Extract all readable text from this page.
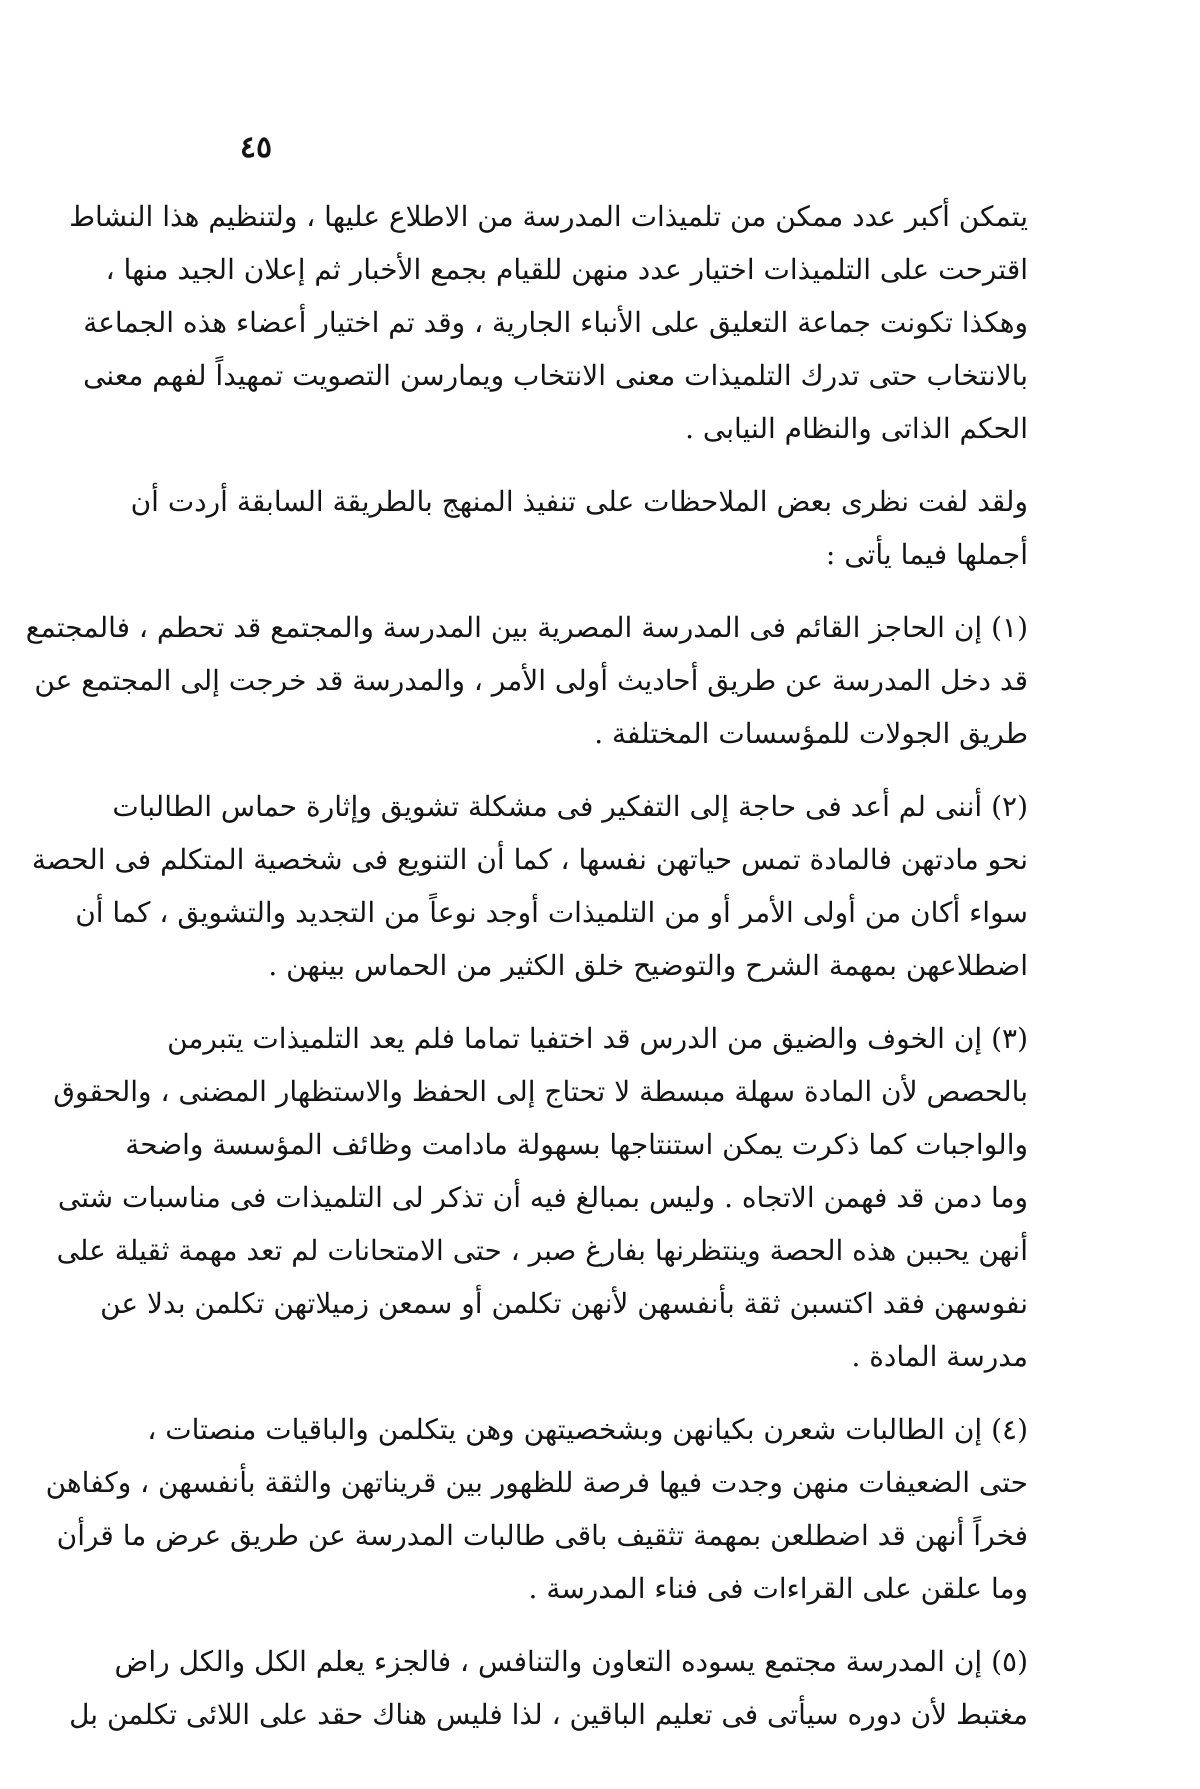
٤٥
يتمكن أكبر عدد ممكن من تلميذات المدرسة من الاطلاع عليها ، ولتنظيم هذا النشاط
اقترحت على التلميذات اختيار عدد منهن للقيام بجمع الأخبار ثم إعلان الجيد منها ،
وهكذا تكونت جماعة التعليق على الأنباء الجارية ، وقد تم اختيار أعضاء هذه الجماعة
بالانتخاب حتى تدرك التلميذات معنى الانتخاب ويمارسن التصويت تمهيداً لفهم معنى
الحكم الذاتى والنظام النيابى .
ولقد لفت نظرى بعض الملاحظات على تنفيذ المنهج بالطريقة السابقة أردت أن
أجملها فيما يأتى :
(١) إن الحاجز القائم فى المدرسة المصرية بين المدرسة والمجتمع قد تحطم ، فالمجتمع
قد دخل المدرسة عن طريق أحاديث أولى الأمر ، والمدرسة قد خرجت إلى المجتمع عن
طريق الجولات للمؤسسات المختلفة .
(٢) أننى لم أعد فى حاجة إلى التفكير فى مشكلة تشويق وإثارة حماس الطالبات
نحو مادتهن فالمادة تمس حياتهن نفسها ، كما أن التنويع فى شخصية المتكلم فى الحصة
سواء أكان من أولى الأمر أو من التلميذات أوجد نوعاً من التجديد والتشويق ، كما أن
اضطلاعهن بمهمة الشرح والتوضيح خلق الكثير من الحماس بينهن .
(٣) إن الخوف والضيق من الدرس قد اختفيا تماما فلم يعد التلميذات يتبرمن
بالحصص لأن المادة سهلة مبسطة لا تحتاج إلى الحفظ والاستظهار المضنى ، والحقوق
والواجبات كما ذكرت يمكن استنتاجها بسهولة مادامت وظائف المؤسسة واضحة
وما دمن قد فهمن الاتجاه . وليس بمبالغ فيه أن تذكر لى التلميذات فى مناسبات شتى
أنهن يحببن هذه الحصة وينتظرنها بفارغ صبر ، حتى الامتحانات لم تعد مهمة ثقيلة على
نفوسهن فقد اكتسبن ثقة بأنفسهن لأنهن تكلمن أو سمعن زميلاتهن تكلمن بدلا عن
مدرسة المادة .
(٤) إن الطالبات شعرن بكيانهن وبشخصيتهن وهن يتكلمن والباقيات منصتات ،
حتى الضعيفات منهن وجدت فيها فرصة للظهور بين قريناتهن والثقة بأنفسهن ، وكفاهن
فخراً أنهن قد اضطلعن بمهمة تثقيف باقى طالبات المدرسة عن طريق عرض ما قرأن
وما علقن على القراءات فى فناء المدرسة .
(٥) إن المدرسة مجتمع يسوده التعاون والتنافس ، فالجزء يعلم الكل والكل راض
مغتبط لأن دوره سيأتى فى تعليم الباقين ، لذا فليس هناك حقد على اللائى تكلمن بل
